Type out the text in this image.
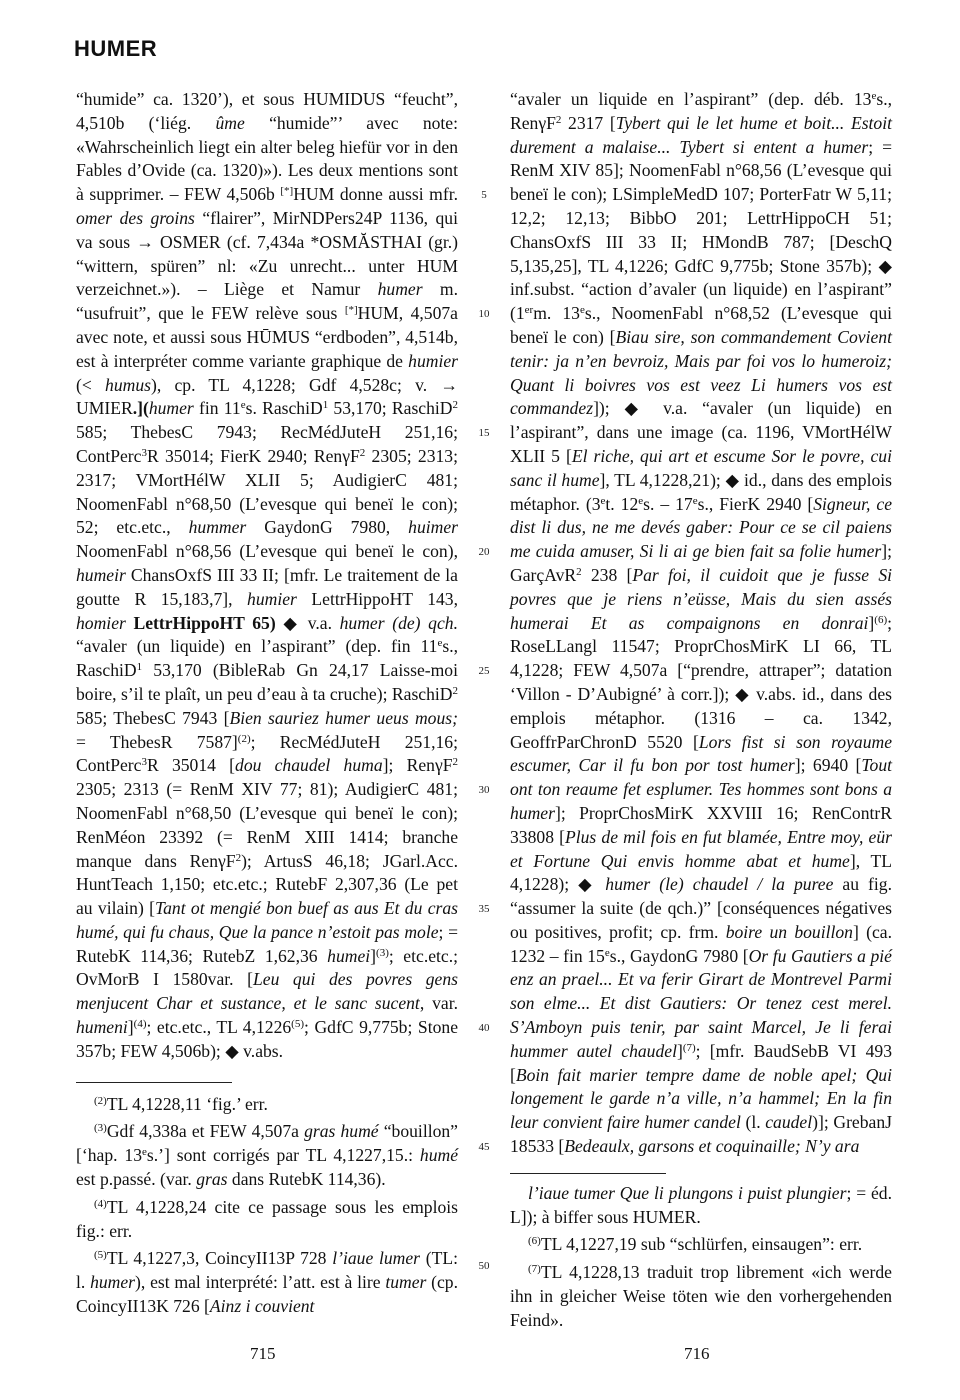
HUMER

“humide” ca. 1320’), et sous HUMIDUS “feucht”, 4,510b (‘liég. ûme “humide”’ avec note: «Wahrscheinlich liegt ein alter beleg hiefür vor in den Fables d’Ovide (ca. 1320)»). Les deux mentions sont à supprimer. – FEW 4,506b [*]HUM donne aussi mfr. omer des groins “flairer”, MirNDPers24P 1136, qui va sous → OSMER (cf. 7,434a *OSMĂSTHAI (gr.) “wittern, spüren” nl: «Zu unrecht... unter HUM verzeichnet.»). – Liège et Namur humer m. “usufruit”, que le FEW relève sous [*]HUM, 4,507a avec note, et aussi sous HŪMUS “erdboden”, 4,514b, est à interpréter comme variante graphique de humier (< humus), cp. TL 4,1228; Gdf 4,528c; v. → UMIER.](humer fin 11es. RaschiD$^1$ 53,170; RaschiD$^2$ 585; ThebesC 7943; RecMédJuteH 251,16; ContPerc$^3$R 35014; FierK 2940; RenγF$^2$ 2305; 2313; 2317; VMortHélW XLII 5; AudigierC 481; NoomenFabl n°68,50 (L’evesque qui beneï le con); 52; etc.etc., hummer GaydonG 7980, huimer NoomenFabl n°68,56 (L’evesque qui beneï le con), humeir ChansOxfS III 33 II; [mfr. Le traitement de la goutte R 15,183,7], humier LettrHippoHT 143, homier LettrHippoHT 65) ◆ v.a. humer (de) qch. “avaler (un liquide) en l’aspirant” (dep. fin 11es., RaschiD$^1$ 53,170 (BibleRab Gn 24,17 Laisse-moi boire, s’il te plaît, un peu d’eau à ta cruche); RaschiD$^2$ 585; ThebesC 7943 [Bien sauriez humer ueus mous; = ThebesR 7587]$^{(2)}$; RecMédJuteH 251,16; ContPerc$^3$R 35014 [dou chaudel huma]; RenγF$^2$ 2305; 2313 (= RenM XIV 77; 81); AudigierC 481; NoomenFabl n°68,50 (L’evesque qui beneï le con); RenMéon 23392 (= RenM XIII 1414; branche manque dans RenγF$^2$); ArtusS 46,18; JGarl.Acc. HuntTeach 1,150; etc.etc.; RutebF 2,307,36 (Le pet au vilain) [Tant ot mengié bon buef as aus Et du cras humé, qui fu chaus, Que la pance n’estoit pas mole; = RutebK 114,36; RutebZ 1,62,36 humei]$^{(3)}$; etc.etc.; OvMorB I 1580var. [Leu qui des povres gens menjucent Char et sustance, et le sanc sucent, var. humeni]$^{(4)}$; etc.etc., TL 4,1226$^{(5)}$; GdfC 9,775b; Stone 357b; FEW 4,506b); ◆ v.abs.

$^{(2)}$TL 4,1228,11 ‘fig.’ err.

$^{(3)}$Gdf 4,338a et FEW 4,507a gras humé “bouillon” [‘hap. 13es.’] sont corrigés par TL 4,1227,15.: humé est p.passé. (var. gras dans RutebK 114,36).

$^{(4)}$TL 4,1228,24 cite ce passage sous les emplois fig.: err.

$^{(5)}$TL 4,1227,3, CoincyII13P 728 l’iaue lumer (TL: l. humer), est mal interprété: l’att. est à lire tumer (cp. CoincyII13K 726 [Ainz i couvient

5
10
15
20
25
30
35
40
45
50

“avaler un liquide en l’aspirant” (dep. déb. 13es., RenγF$^2$ 2317 [Tybert qui le let hume et boit... Estoit durement a malaise... Tybert si entent a humer; = RenM XIV 85]; NoomenFabl n°68,56 (L’evesque qui beneï le con); LSimpleMedD 107; PorterFatr W 5,11; 12,2; 12,13; BibbO 201; LettrHippoCH 51; ChansOxfS III 33 II; HMondB 787; [DeschQ 5,135,25], TL 4,1226; GdfC 9,775b; Stone 357b); ◆ inf.subst. “action d’avaler (un liquide) en l’aspirant” (1erm. 13es., NoomenFabl n°68,52 (L’evesque qui beneï le con) [Biau sire, son commandement Covient tenir: ja n’en bevroiz, Mais par foi vos lo humeroiz; Quant li boivres vos est veez Li humers vos est commandez]); ◆ v.a. “avaler (un liquide) en l’aspirant”, dans une image (ca. 1196, VMortHélW XLII 5 [El riche, qui art et escume Sor le povre, cui sanc il hume], TL 4,1228,21); ◆ id., dans des emplois métaphor. (3et. 12es. – 17es., FierK 2940 [Signeur, ce dist li dus, ne me devés gaber: Pour ce se cil paiens me cuida amuser, Si li ai ge bien fait sa folie humer]; GarçAvR$^2$ 238 [Par foi, il cuidoit que je fusse Si povres que je riens n’eüsse, Mais du sien assés humerai Et as compaignons en donrai]$^{(6)}$; RoseLLangl 11547; ProprChosMirK LI 66, TL 4,1228; FEW 4,507a [“prendre, attraper”; datation ‘Villon - D’Aubigné’ à corr.]); ◆ v.abs. id., dans des emplois métaphor. (1316 – ca. 1342, GeoffrParChronD 5520 [Lors fist si son royaume escumer, Car il fu bon por tost humer]; 6940 [Tout ont ton reaume fet esplumer. Tes hommes sont bons a humer]; ProprChosMirK XXVIII 16; RenContrR 33808 [Plus de mil fois en fut blamée, Entre moy, eür et Fortune Qui envis homme abat et hume], TL 4,1228); ◆ humer (le) chaudel / la puree au fig. “assumer la suite (de qch.)” [conséquences négatives ou positives, profit; cp. frm. boire un bouillon] (ca. 1232 – fin 15es., GaydonG 7980 [Or fu Gautiers a pié enz an prael... Et va ferir Girart de Montrevel Parmi son elme... Et dist Gautiers: Or tenez cest merel. S’Amboyn puis tenir, par saint Marcel, Je li ferai hummer autel chaudel]$^{(7)}$; [mfr. BaudSebB VI 493 [Boin fait marier tempre dame de noble apel; Qui longement le garde n’a ville, n’a hammel; En la fin leur convient faire humer candel (l. caudel)]; GrebanJ 18533 [Bedeaulx, garsons et coquinaille; N’y ara

l’iaue tumer Que li plungons i puist plungier; = éd. L]); à biffer sous HUMER.

$^{(6)}$TL 4,1227,19 sub “schlürfen, einsaugen”: err.

$^{(7)}$TL 4,1228,13 traduit trop librement «ich werde ihn in gleicher Weise töten wie den vorhergehenden Feind».

715	716
